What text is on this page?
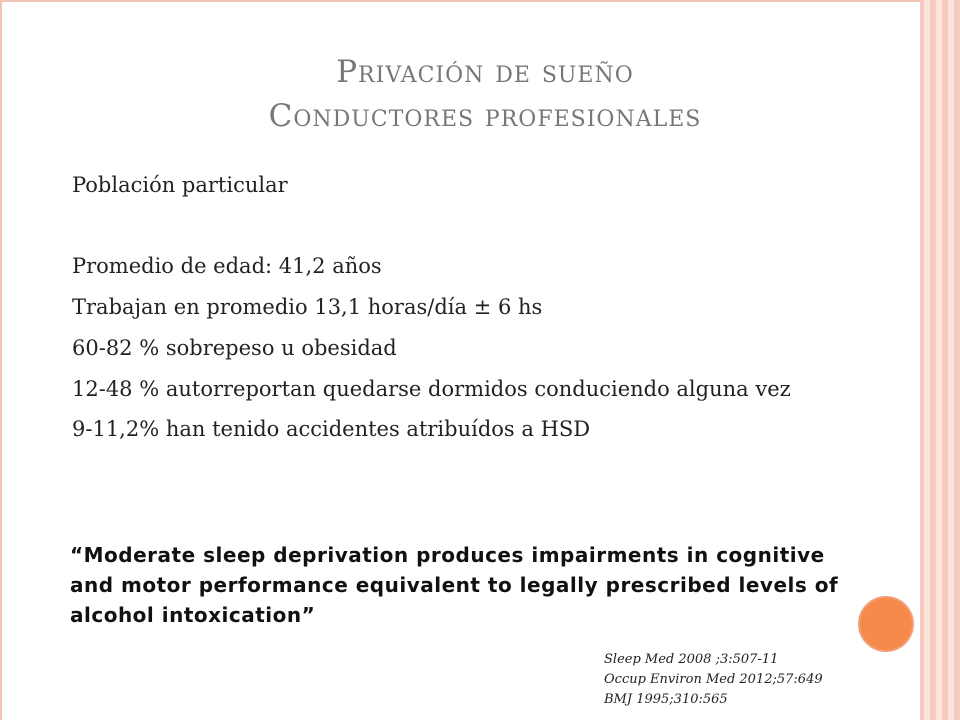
Privación de sueño
Conductores profesionales

Población particular

Promedio de edad: 41,2 años

Trabajan en promedio 13,1 horas/día ± 6 hs

60-82 % sobrepeso u obesidad

12-48 % autorreportan quedarse dormidos conduciendo alguna vez

9-11,2% han tenido accidentes atribuídos a HSD

“Moderate sleep deprivation produces impairments in cognitive and motor performance equivalent to legally prescribed levels of alcohol intoxication”
Sleep Med 2008 ;3:507-11
Occup Environ Med 2012;57:649
BMJ 1995;310:565
